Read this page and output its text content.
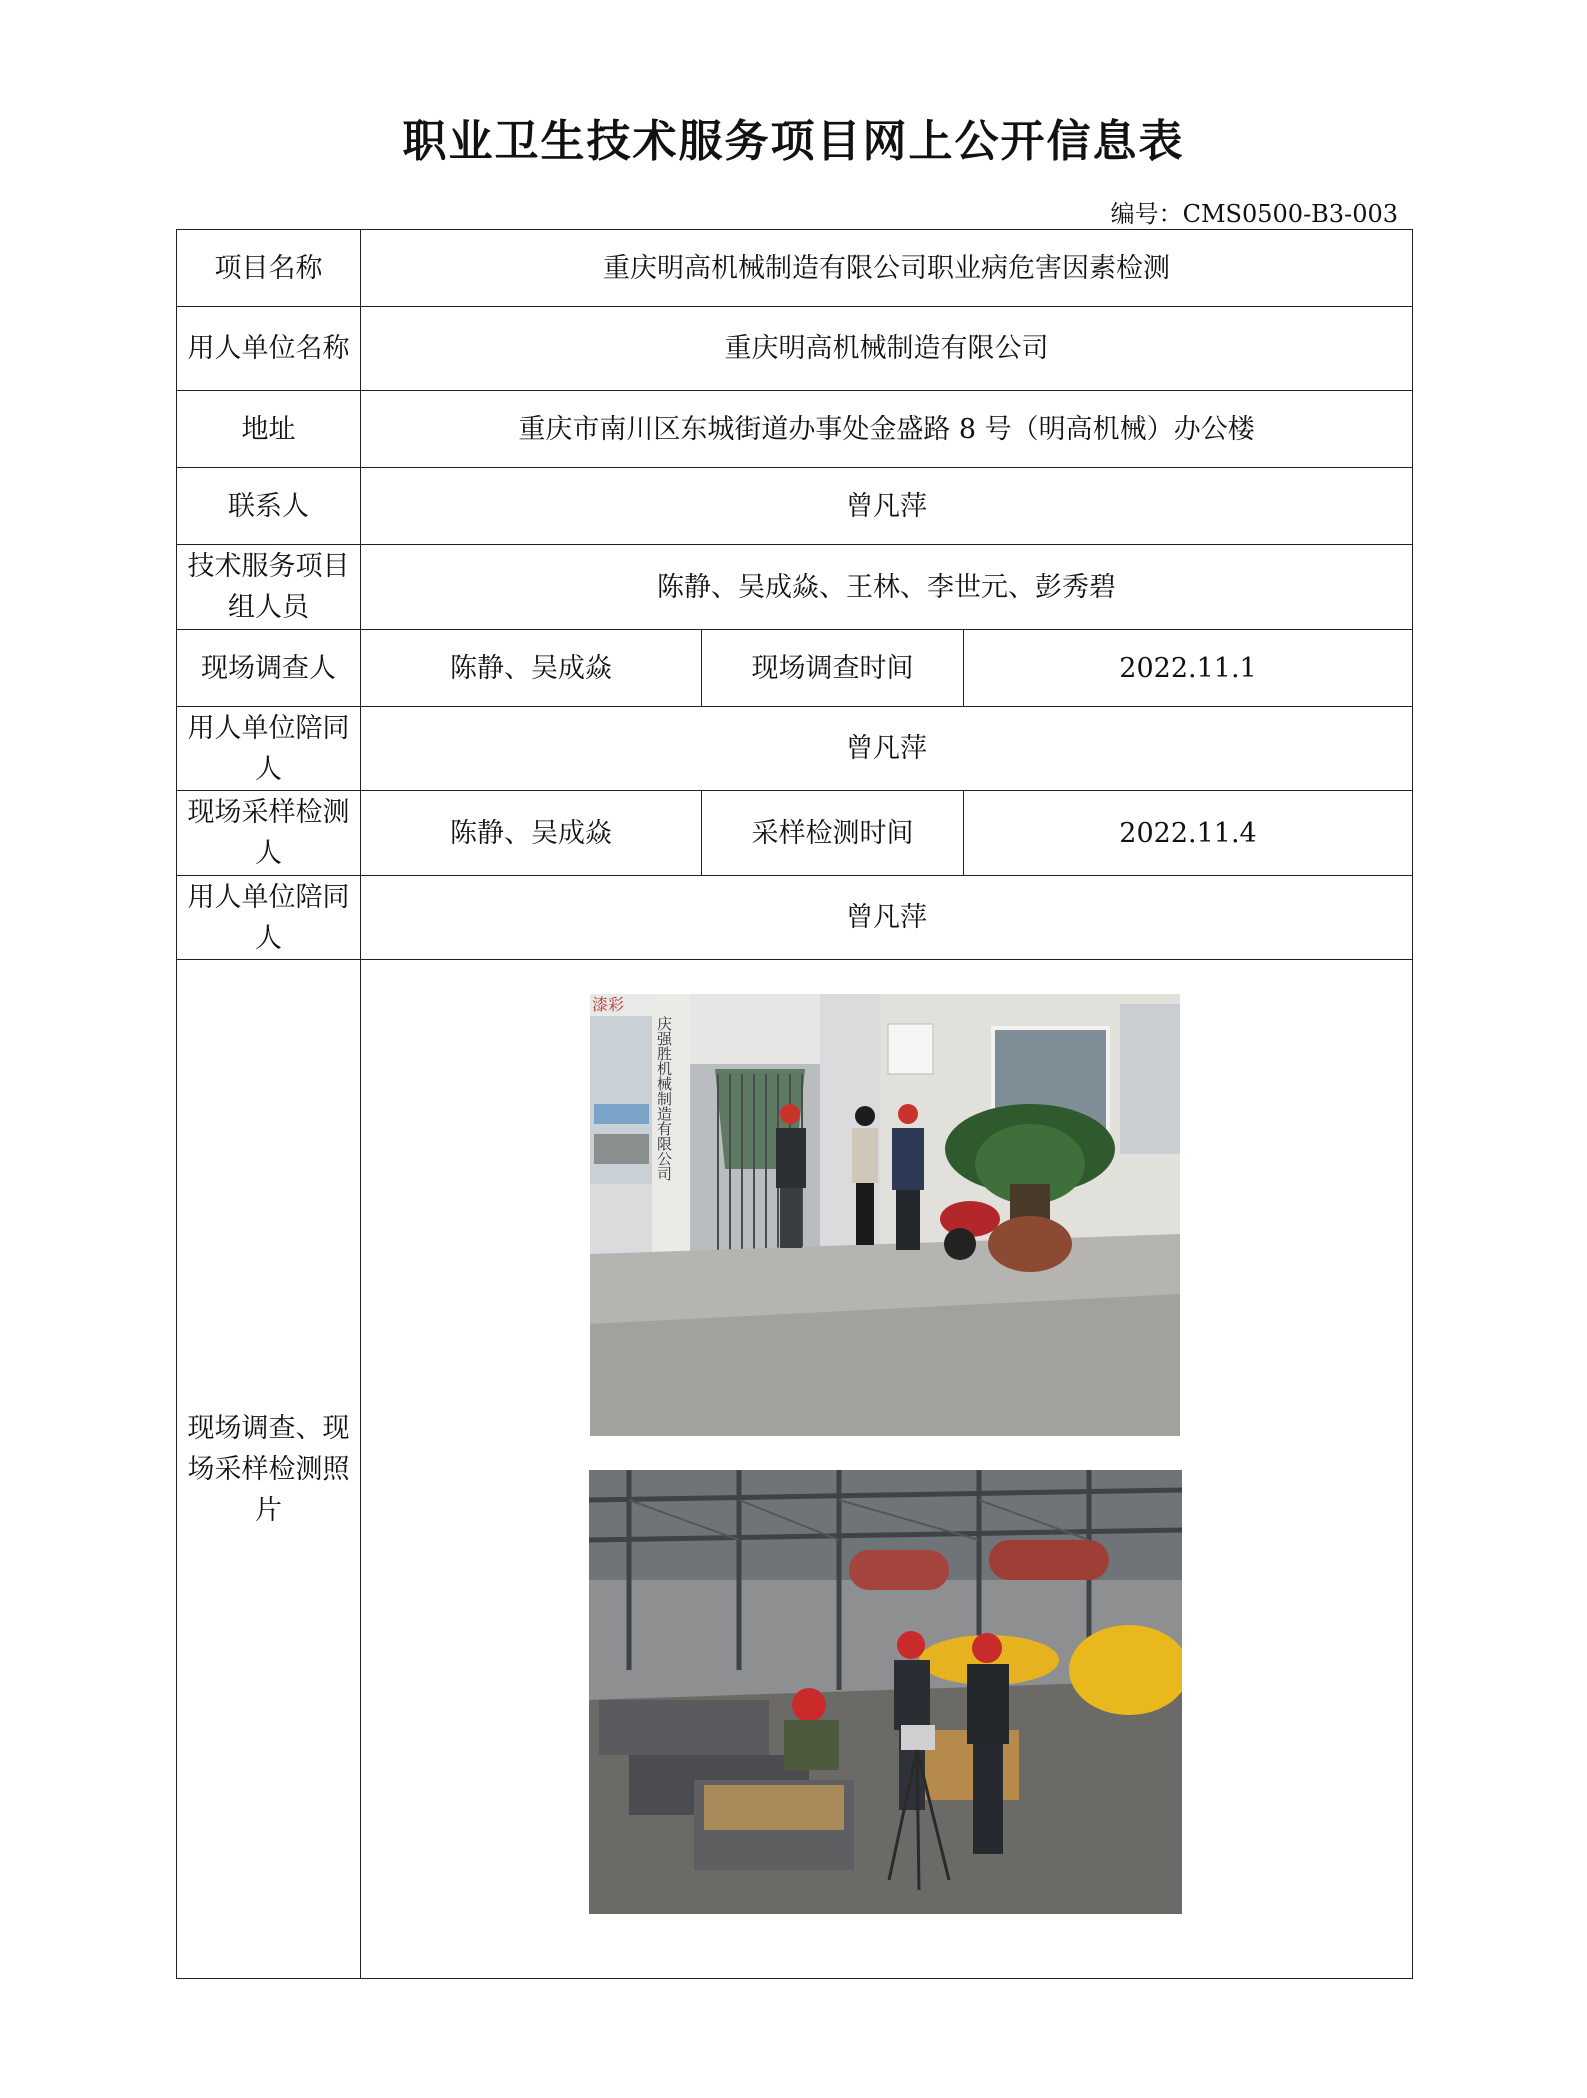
职业卫生技术服务项目网上公开信息表
编号：CMS0500-B3-003
项目名称	重庆明高机械制造有限公司职业病危害因素检测		
用人单位名称	重庆明高机械制造有限公司		
地址	重庆市南川区东城街道办事处金盛路 8 号（明高机械）办公楼		
联系人	曾凡萍		
技术服务项目组人员	陈静、吴成焱、王林、李世元、彭秀碧		
现场调查人	陈静、吴成焱	现场调查时间	2022.11.1
用人单位陪同人	曾凡萍		
现场采样检测人	陈静、吴成焱	采样检测时间	2022.11.4
用人单位陪同人	曾凡萍		
现场调查、现场采样检测照片	漆彩
庆强胜机械制造有限公司		
